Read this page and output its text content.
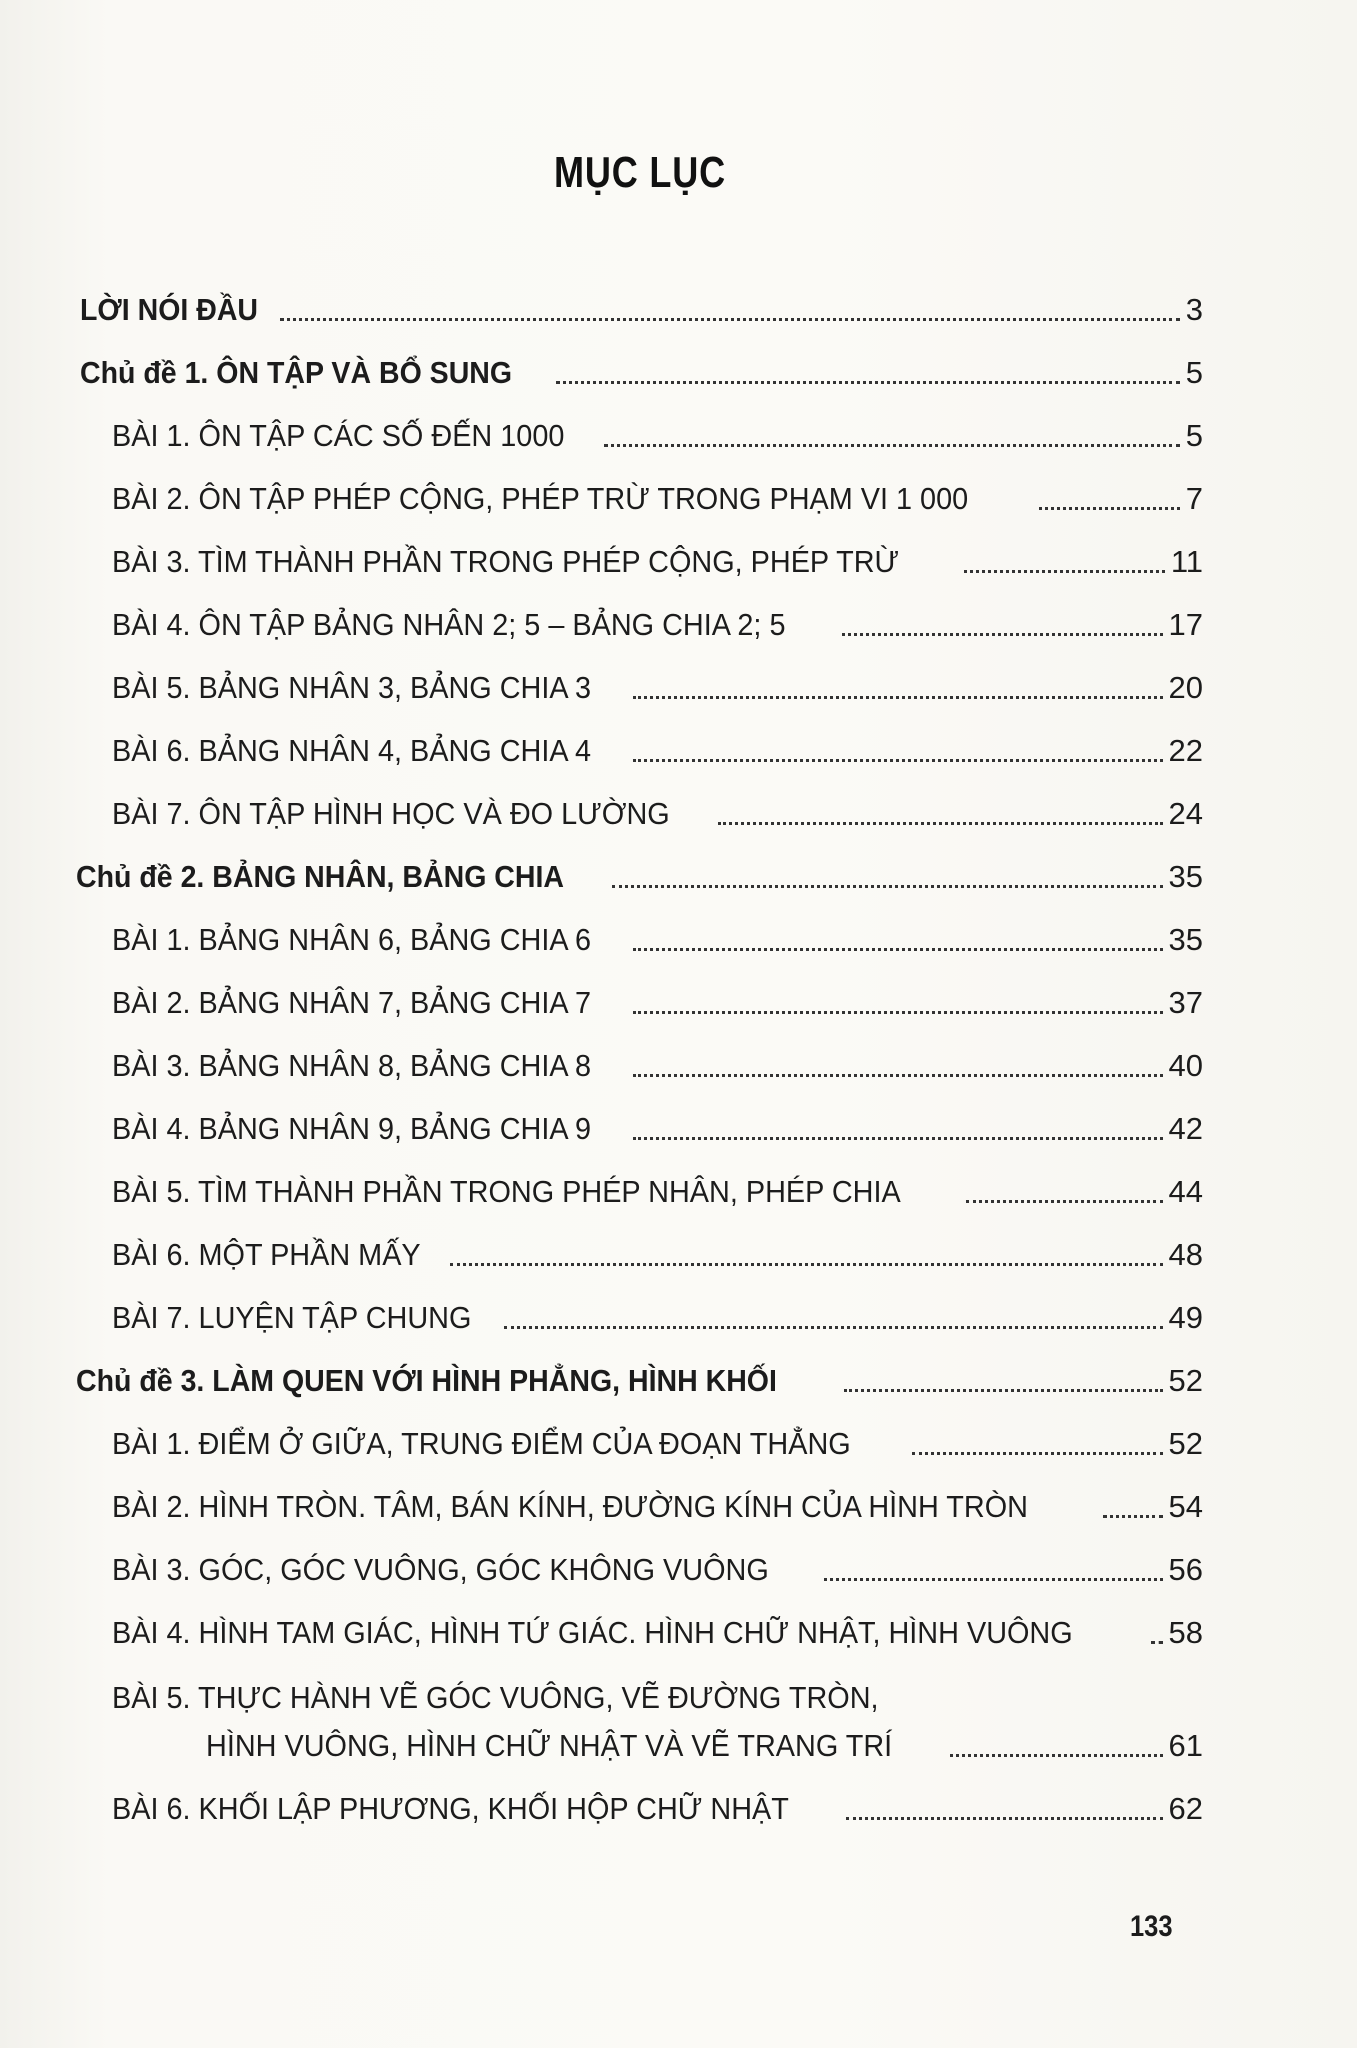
MỤC LỤC
LỜI NÓI ĐẦU	3
Chủ đề 1. ÔN TẬP VÀ BỔ SUNG	5
BÀI 1. ÔN TẬP CÁC SỐ ĐẾN 1000	5
BÀI 2. ÔN TẬP PHÉP CỘNG, PHÉP TRỪ TRONG PHẠM VI 1 000	7
BÀI 3. TÌM THÀNH PHẦN TRONG PHÉP CỘNG, PHÉP TRỪ	11
BÀI 4. ÔN TẬP BẢNG NHÂN 2; 5 – BẢNG CHIA 2; 5	17
BÀI 5. BẢNG NHÂN 3, BẢNG CHIA 3	20
BÀI 6. BẢNG NHÂN 4, BẢNG CHIA 4	22
BÀI 7. ÔN TẬP HÌNH HỌC VÀ ĐO LƯỜNG	24
Chủ đề 2. BẢNG NHÂN, BẢNG CHIA	35
BÀI 1. BẢNG NHÂN 6, BẢNG CHIA 6	35
BÀI 2. BẢNG NHÂN 7, BẢNG CHIA 7	37
BÀI 3. BẢNG NHÂN 8, BẢNG CHIA 8	40
BÀI 4. BẢNG NHÂN 9, BẢNG CHIA 9	42
BÀI 5. TÌM THÀNH PHẦN TRONG PHÉP NHÂN, PHÉP CHIA	44
BÀI 6. MỘT PHẦN MẤY	48
BÀI 7. LUYỆN TẬP CHUNG	49
Chủ đề 3. LÀM QUEN VỚI HÌNH PHẲNG, HÌNH KHỐI	52
BÀI 1. ĐIỂM Ở GIỮA, TRUNG ĐIỂM CỦA ĐOẠN THẲNG	52
BÀI 2. HÌNH TRÒN. TÂM, BÁN KÍNH, ĐƯỜNG KÍNH CỦA HÌNH TRÒN	54
BÀI 3. GÓC, GÓC VUÔNG, GÓC KHÔNG VUÔNG	56
BÀI 4. HÌNH TAM GIÁC, HÌNH TỨ GIÁC. HÌNH CHỮ NHẬT, HÌNH VUÔNG	58
BÀI 5. THỰC HÀNH VẼ GÓC VUÔNG, VẼ ĐƯỜNG TRÒN,
HÌNH VUÔNG, HÌNH CHỮ NHẬT VÀ VẼ TRANG TRÍ	61
BÀI 6. KHỐI LẬP PHƯƠNG, KHỐI HỘP CHỮ NHẬT	62
133
